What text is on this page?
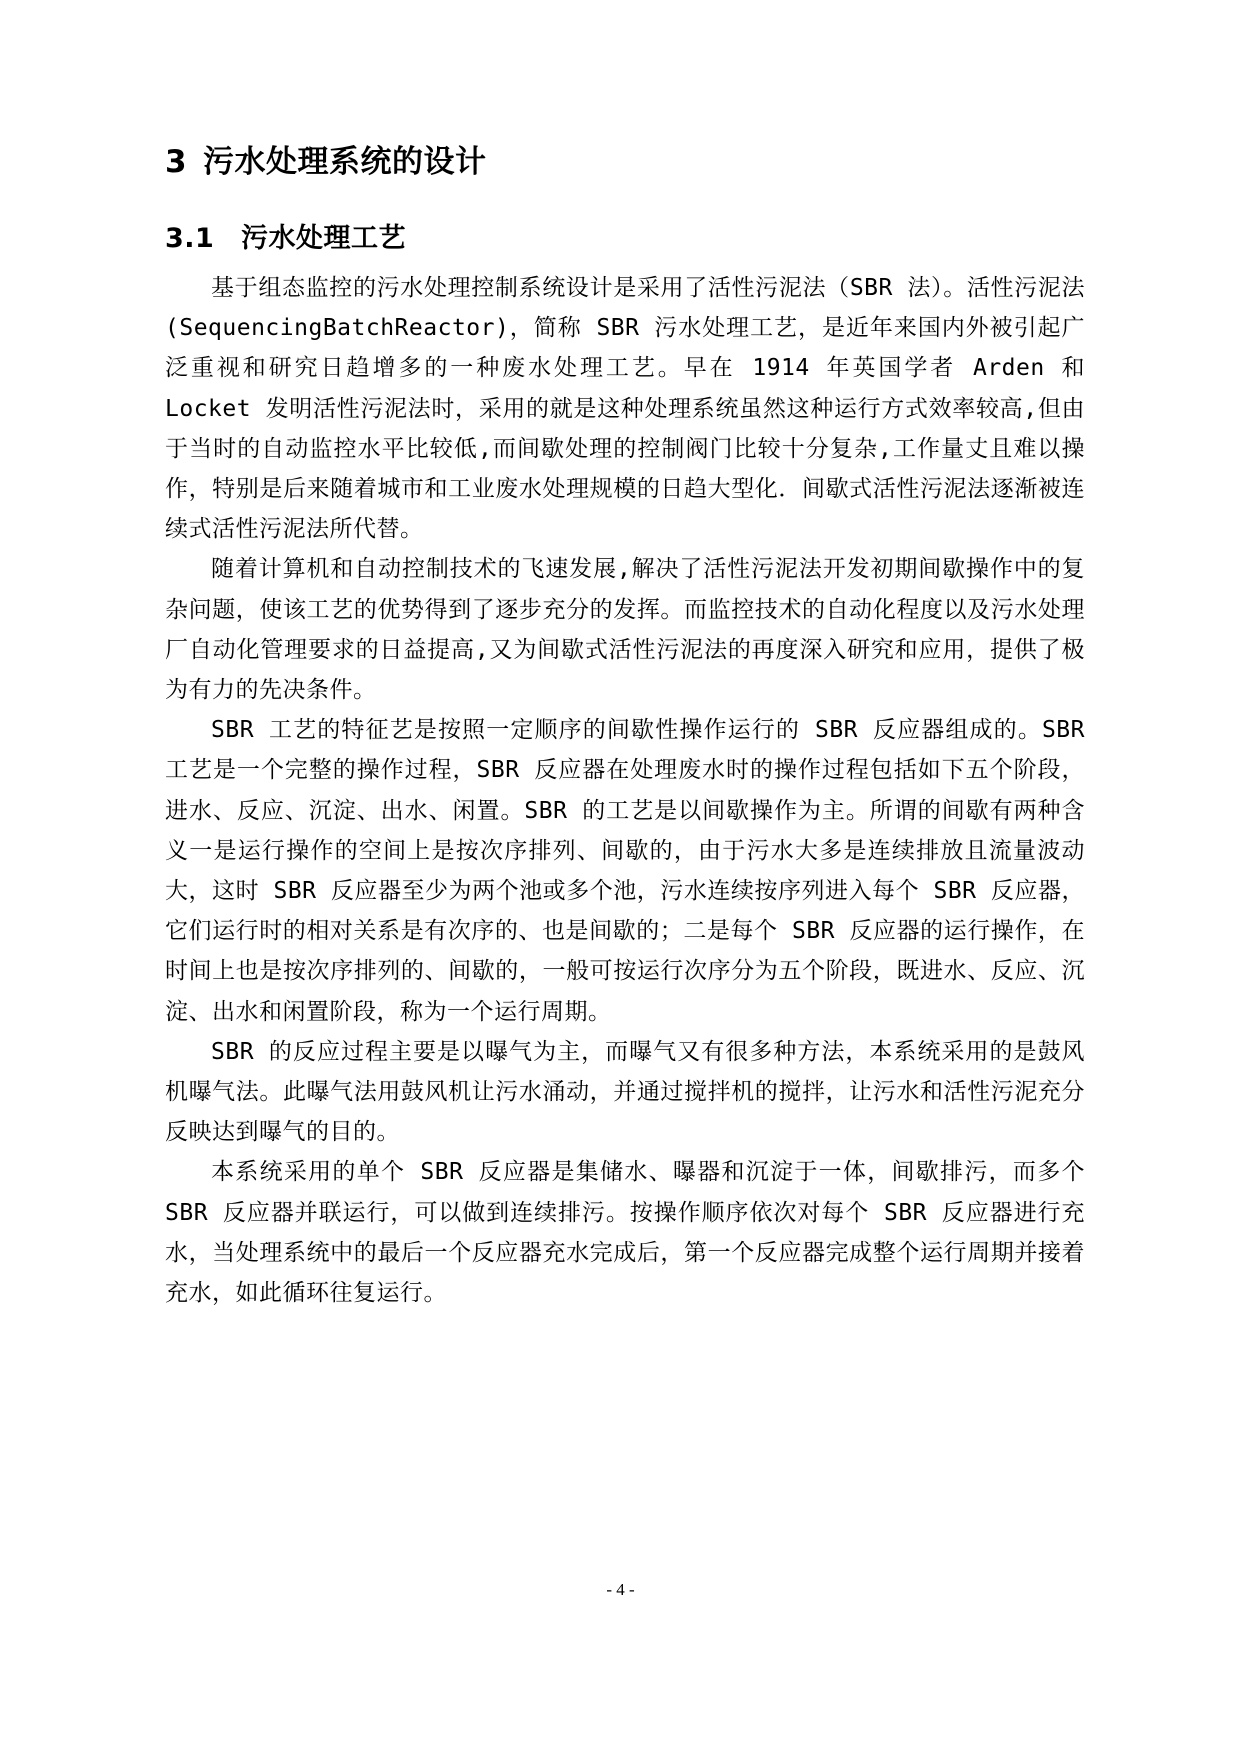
3 污水处理系统的设计
3.1 污水处理工艺

基于组态监控的污水处理控制系统设计是采用了活性污泥法（SBR 法）。活性污泥法(SequencingBatchReactor)，简称 SBR 污水处理工艺，是近年来国内外被引起广泛重视和研究日趋增多的一种废水处理工艺。早在 1914 年英国学者 Arden 和 Locket 发明活性污泥法时，采用的就是这种处理系统虽然这种运行方式效率较高,但由于当时的自动监控水平比较低,而间歇处理的控制阀门比较十分复杂,工作量丈且难以操作，特别是后来随着城市和工业废水处理规模的日趋大型化．间歇式活性污泥法逐渐被连续式活性污泥法所代替。

随着计算机和自动控制技术的飞速发展,解决了活性污泥法开发初期间歇操作中的复杂问题，使该工艺的优势得到了逐步充分的发挥。而监控技术的自动化程度以及污水处理厂自动化管理要求的日益提高,又为间歇式活性污泥法的再度深入研究和应用，提供了极为有力的先决条件。

SBR 工艺的特征艺是按照一定顺序的间歇性操作运行的 SBR 反应器组成的。SBR 工艺是一个完整的操作过程，SBR 反应器在处理废水时的操作过程包括如下五个阶段，进水、反应、沉淀、出水、闲置。SBR 的工艺是以间歇操作为主。所谓的间歇有两种含义一是运行操作的空间上是按次序排列、间歇的，由于污水大多是连续排放且流量波动大，这时 SBR 反应器至少为两个池或多个池，污水连续按序列进入每个 SBR 反应器，它们运行时的相对关系是有次序的、也是间歇的；二是每个 SBR 反应器的运行操作，在时间上也是按次序排列的、间歇的，一般可按运行次序分为五个阶段，既进水、反应、沉淀、出水和闲置阶段，称为一个运行周期。

SBR 的反应过程主要是以曝气为主，而曝气又有很多种方法，本系统采用的是鼓风机曝气法。此曝气法用鼓风机让污水涌动，并通过搅拌机的搅拌，让污水和活性污泥充分反映达到曝气的目的。

本系统采用的单个 SBR 反应器是集储水、曝器和沉淀于一体，间歇排污，而多个 SBR 反应器并联运行，可以做到连续排污。按操作顺序依次对每个 SBR 反应器进行充水，当处理系统中的最后一个反应器充水完成后，第一个反应器完成整个运行周期并接着充水，如此循环往复运行。

- 4 -
